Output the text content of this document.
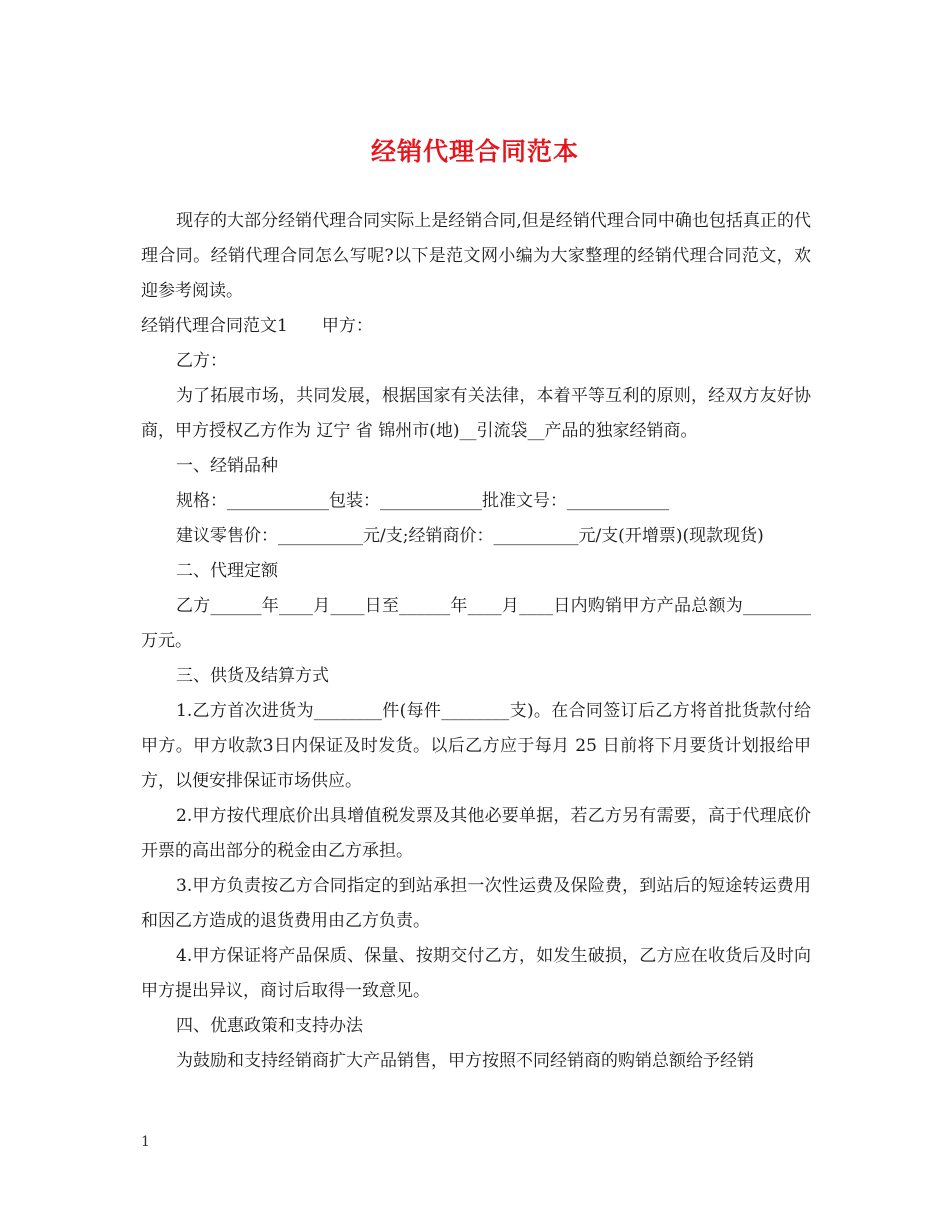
经销代理合同范本

现存的大部分经销代理合同实际上是经销合同,但是经销代理合同中确也包括真正的代理合同。经销代理合同怎么写呢?以下是范文网小编为大家整理的经销代理合同范文，欢迎参考阅读。

经销代理合同范文1　　甲方：

乙方：

为了拓展市场，共同发展，根据国家有关法律，本着平等互利的原则，经双方友好协商，甲方授权乙方作为 辽宁 省 锦州市(地)__引流袋__产品的独家经销商。

一、经销品种

规格：____________包装：____________批准文号：____________

建议零售价：__________元/支;经销商价：__________元/支(开增票)(现款现货)

二、代理定额

乙方______年____月____日至______年____月____日内购销甲方产品总额为________万元。

三、供货及结算方式

1.乙方首次进货为________件(每件________支)。在合同签订后乙方将首批货款付给甲方。甲方收款3日内保证及时发货。以后乙方应于每月 25 日前将下月要货计划报给甲方，以便安排保证市场供应。

2.甲方按代理底价出具增值税发票及其他必要单据，若乙方另有需要，高于代理底价开票的高出部分的税金由乙方承担。

3.甲方负责按乙方合同指定的到站承担一次性运费及保险费，到站后的短途转运费用和因乙方造成的退货费用由乙方负责。

4.甲方保证将产品保质、保量、按期交付乙方，如发生破损，乙方应在收货后及时向甲方提出异议，商讨后取得一致意见。

四、优惠政策和支持办法

为鼓励和支持经销商扩大产品销售，甲方按照不同经销商的购销总额给予经销

1
